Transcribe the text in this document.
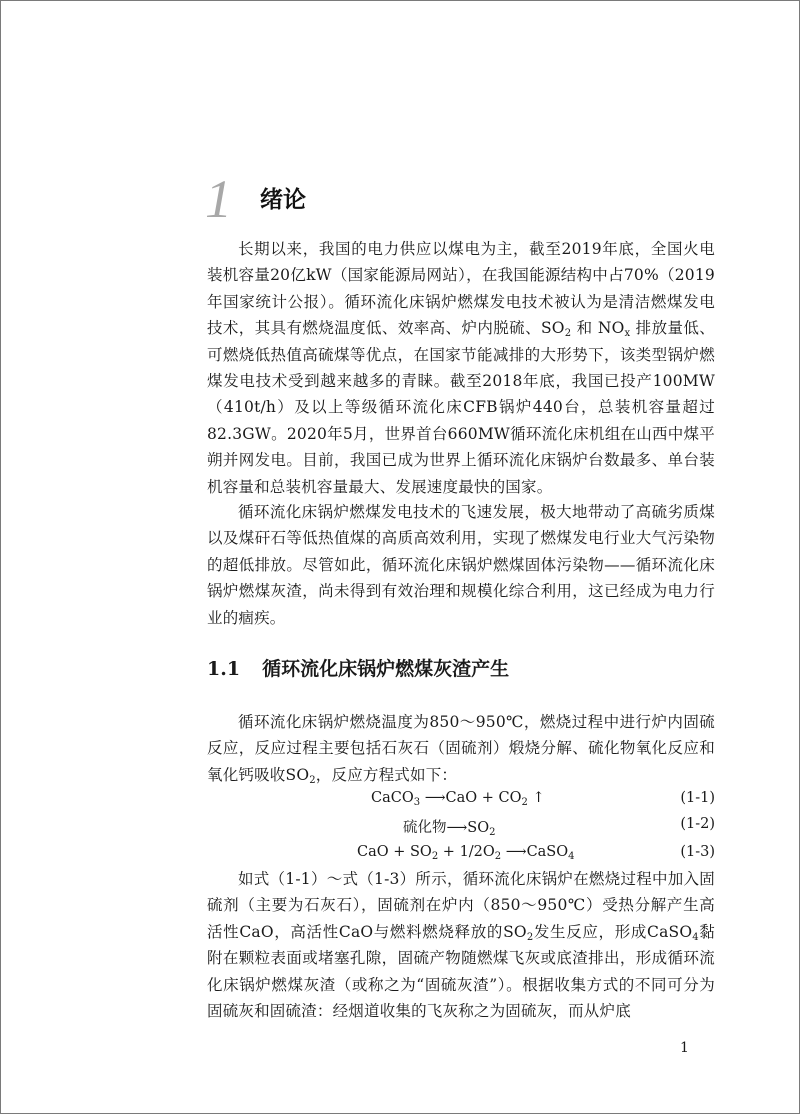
1 绪论
长期以来，我国的电力供应以煤电为主，截至2019年底，全国火电装机容量20亿kW（国家能源局网站），在我国能源结构中占70%（2019年国家统计公报）。循环流化床锅炉燃煤发电技术被认为是清洁燃煤发电技术，其具有燃烧温度低、效率高、炉内脱硫、$SO_2$ 和 $NO_x$ 排放量低、可燃烧低热值高硫煤等优点，在国家节能减排的大形势下，该类型锅炉燃煤发电技术受到越来越多的青睐。截至2018年底，我国已投产100MW（410t/h）及以上等级循环流化床CFB锅炉440台，总装机容量超过82.3GW。2020年5月，世界首台660MW循环流化床机组在山西中煤平朔并网发电。目前，我国已成为世界上循环流化床锅炉台数最多、单台装机容量和总装机容量最大、发展速度最快的国家。
循环流化床锅炉燃煤发电技术的飞速发展，极大地带动了高硫劣质煤以及煤矸石等低热值煤的高质高效利用，实现了燃煤发电行业大气污染物的超低排放。尽管如此，循环流化床锅炉燃煤固体污染物——循环流化床锅炉燃煤灰渣，尚未得到有效治理和规模化综合利用，这已经成为电力行业的痼疾。
1.1 循环流化床锅炉燃煤灰渣产生
循环流化床锅炉燃烧温度为850～950℃，燃烧过程中进行炉内固硫反应，反应过程主要包括石灰石（固硫剂）煅烧分解、硫化物氧化反应和氧化钙吸收$SO_2$，反应方程式如下：
CaCO$_3$ ⟶CaO + $CO_2$ ↑	(1-1)
硫化物$⟶SO_2$
(1-2)
CaO + $SO_2 + 1/2O_2$ ⟶CaSO$_4$	(1-3)
如式（1-1）～式（1-3）所示，循环流化床锅炉在燃烧过程中加入固硫剂（主要为石灰石），固硫剂在炉内（850～950℃）受热分解产生高活性CaO，高活性CaO与燃料燃烧释放的$SO_2$发生反应，形成CaSO$_4$黏附在颗粒表面或堵塞孔隙，固硫产物随燃煤飞灰或底渣排出，形成循环流化床锅炉燃煤灰渣（或称之为“固硫灰渣”）。根据收集方式的不同可分为固硫灰和固硫渣：经烟道收集的飞灰称之为固硫灰，而从炉底
1
